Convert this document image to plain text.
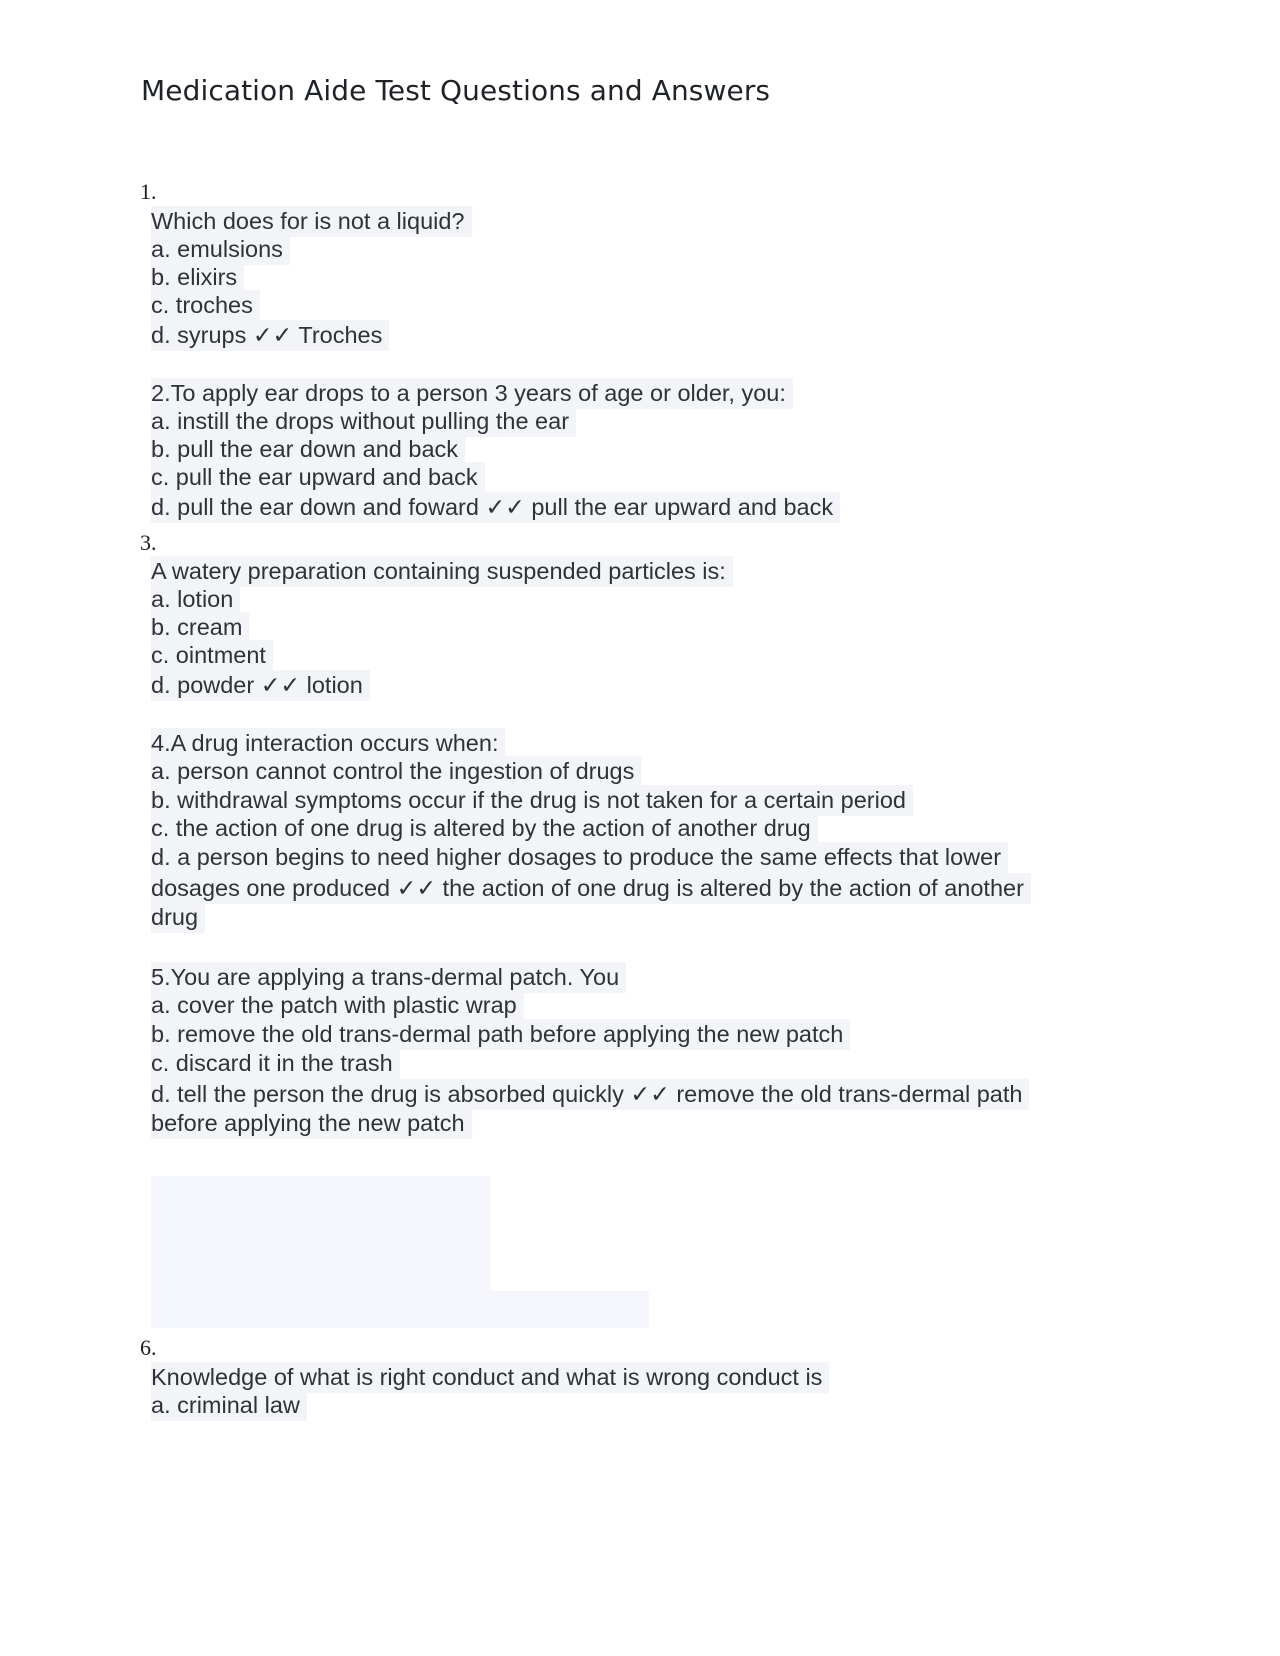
Medication Aide Test Questions and Answers
1.
Which does for is not a liquid?
a. emulsions
b. elixirs
c. troches
d. syrups ✓✓ Troches
2.To apply ear drops to a person 3 years of age or older, you:
a. instill the drops without pulling the ear
b. pull the ear down and back
c. pull the ear upward and back
d. pull the ear down and foward ✓✓ pull the ear upward and back
3.
A watery preparation containing suspended particles is:
a. lotion
b. cream
c. ointment
d. powder ✓✓ lotion
4.A drug interaction occurs when:
a. person cannot control the ingestion of drugs
b. withdrawal symptoms occur if the drug is not taken for a certain period
c. the action of one drug is altered by the action of another drug
d. a person begins to need higher dosages to produce the same effects that lower
dosages one produced ✓✓ the action of one drug is altered by the action of another
drug
5.You are applying a trans-dermal patch. You
a. cover the patch with plastic wrap
b. remove the old trans-dermal path before applying the new patch
c. discard it in the trash
d. tell the person the drug is absorbed quickly ✓✓ remove the old trans-dermal path
before applying the new patch
6.
Knowledge of what is right conduct and what is wrong conduct is
a. criminal law
